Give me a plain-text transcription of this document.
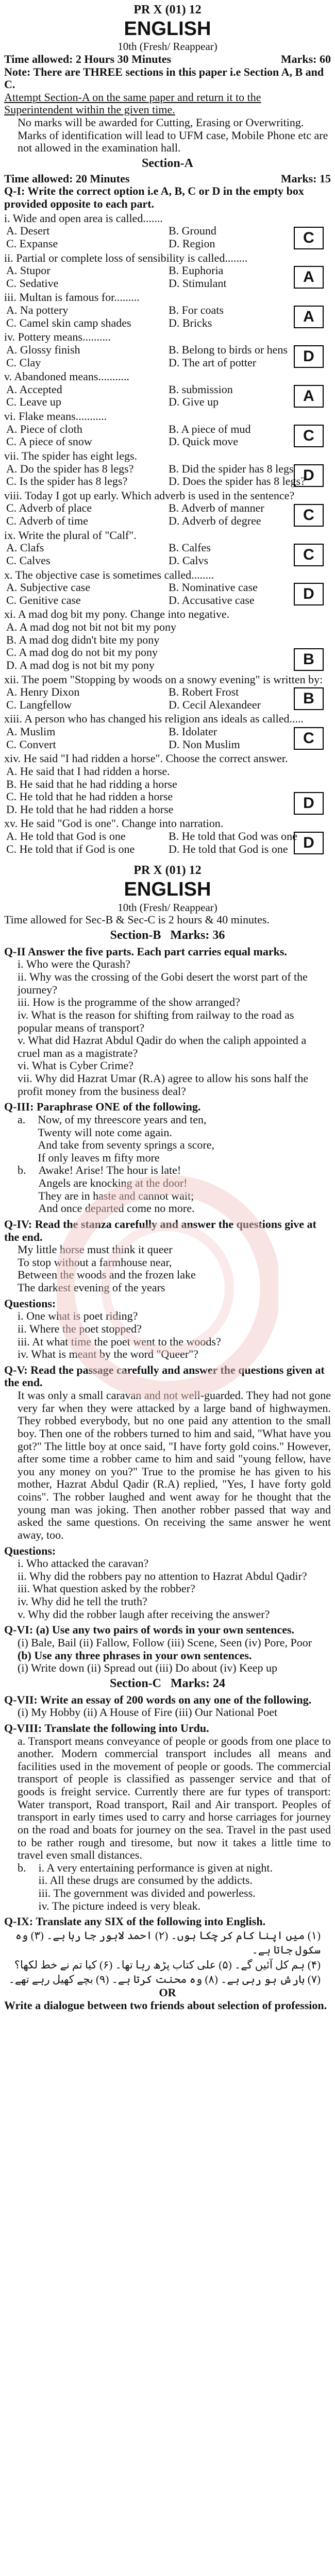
PR X (01) 12
ENGLISH
10th (Fresh/ Reappear)
Time allowed: 2 Hours 30 Minutes	Marks: 60
Note: There are THREE sections in this paper i.e Section A, B and C.
Attempt Section-A on the same paper and return it to the Superintendent within the given time.
No marks will be awarded for Cutting, Erasing or Overwriting. Marks of identification will lead to UFM case, Mobile Phone etc are not allowed in the examination hall.
Section-A
Time allowed: 20 Minutes	Marks: 15
Q-I: Write the correct option i.e A, B, C or D in the empty box provided opposite to each part.
i. Wide and open area is called.......
A. Desert	B. Ground
C. Expanse	D. Region	C
ii. Partial or complete loss of sensibility is called........
A. Stupor	B. Euphoria
C. Sedative	D. Stimulant	A
iii. Multan is famous for.........
A. Na pottery	B. For coats
C. Camel skin camp shades	D. Bricks	A
iv. Pottery means..........
A. Glossy finish	B. Belong to birds or hens
C. Clay	D. The art of potter	D
v. Abandoned means...........
A. Accepted	B. submission
C. Leave up	D. Give up	A
vi. Flake means...........
A. Piece of cloth	B. A piece of mud
C. A piece of snow	D. Quick move	C
vii. The spider has eight legs.
A. Do the spider has 8 legs?	B. Did the spider has 8 legs
C. Is the spider has 8 legs?	D. Does the spider has 8 legs?
D
viii. Today I got up early. Which adverb is used in the sentence?
C. Adverb of place	B. Adverb of manner
C. Adverb of time	D. Adverb of degree	C
ix. Write the plural of "Calf".
A. Clafs	B. Calfes
C. Calves	D. Calvs	C
x. The objective case is sometimes called........
A. Subjective case	B. Nominative case
C. Genitive case	D. Accusative case	D
xi. A mad dog bit my pony. Change into negative.
A. A mad dog not bit not bit my pony
B. A mad dog didn't bite my pony
C. A mad dog do not bit my pony
D. A mad dog is not bit my pony	B
xii. The poem "Stopping by woods on a snowy evening" is written by:
A. Henry Dixon	B. Robert Frost
C. Langfellow	D. Cecil Alexandeer	B
xiii. A person who has changed his religion ans ideals as called.....
A. Muslim	B. Idolater
C. Convert	D. Non Muslim	C
xiv. He said "I had ridden a horse". Choose the correct answer.
A. He said that I had ridden a horse.
B. He said that he had ridding a horse
C. He told that he had ridden a horse
D. He told that he had ridden a horse	D
xv. He said "God is one". Change into narration.
A. He told that God is one	B. He told that God was one
C. He told that if God is one	D. He told that God is one D
PR X (01) 12
ENGLISH
10th (Fresh/ Reappear)
Time allowed for Sec-B & Sec-C is 2 hours & 40 minutes.
Section-B Marks: 36
Q-II Answer the five parts. Each part carries equal marks.
i. Who were the Qurash?
ii. Why was the crossing of the Gobi desert the worst part of the journey?
iii. How is the programme of the show arranged?
iv. What is the reason for shifting from railway to the road as popular means of transport?
v. What did Hazrat Abdul Qadir do when the caliph appointed a cruel man as a magistrate?
vi. What is Cyber Crime?
vii. Why did Hazrat Umar (R.A) agree to allow his sons half the profit money from the business deal?
Q-III: Paraphrase ONE of the following.
a. Now, of my threescore years and ten,
Twenty will note come again.
And take from seventy springs a score,
If only leaves m fifty more
b. Awake! Arise! The hour is late!
Angels are knocking at the door!
They are in haste and cannot wait;
And once departed come no more.
Q-IV: Read the stanza carefully and answer the questions give at the end.
My little horse must think it queer
To stop without a farmhouse near,
Between the woods and the frozen lake
The darkest evening of the years
Questions:
i. One what is poet riding?
ii. Where the poet stopped?
iii. At what time the poet went to the woods?
iv. What is meant by the word "Queer"?
Q-V: Read the passage carefully and answer the questions given at the end.
It was only a small caravan and not well-guarded. They had not gone very far when they were attacked by a large band of highwaymen. They robbed everybody, but no one paid any attention to the small boy. Then one of the robbers turned to him and said, "What have you got?" The little boy at once said, "I have forty gold coins." However, after some time a robber came to him and said "young fellow, have you any money on you?" True to the promise he has given to his mother, Hazrat Abdul Qadir (R.A) replied, "Yes, I have forty gold coins". The robber laughed and went away for he thought that the young man was joking. Then another robber passed that way and asked the same questions. On receiving the same answer he went away, too.
Questions:
i. Who attacked the caravan?
ii. Why did the robbers pay no attention to Hazrat Abdul Qadir?
iii. What question asked by the robber?
iv. Why did he tell the truth?
v. Why did the robber laugh after receiving the answer?
Q-VI: (a) Use any two pairs of words in your own sentences.
(i) Bale, Bail (ii) Fallow, Follow (iii) Scene, Seen (iv) Pore, Poor
(b) Use any three phrases in your own sentences.
(i) Write down (ii) Spread out (iii) Do about (iv) Keep up
Section-C Marks: 24
Q-VII: Write an essay of 200 words on any one of the following.
(i) My Hobby (ii) A House of Fire (iii) Our National Poet
Q-VIII: Translate the following into Urdu.
a. Transport means conveyance of people or goods from one place to another. Modern commercial transport includes all means and facilities used in the movement of people or goods. The commercial transport of people is classified as passenger service and that of goods is freight service. Currently there are fur types of transport: Water transport, Road transport, Rail and Air transport. Peoples of transport in early times used to carry and horse carriages for journey on the road and boats for journey on the sea. Travel in the past used to be rather rough and tiresome, but now it takes a little time to travel even small distances.
b. i. A very entertaining performance is given at night.
ii. All these drugs are consumed by the addicts.
iii. The government was divided and powerless.
iv. The picture indeed is very bleak.
Q-IX: Translate any SIX of the following into English.
(۱) میں اپنا کام کر چکا ہوں۔ (۲) احمد لاہور جا رہا ہے۔ (۳) وہ سکول جاتا ہے۔
(۴) ہم کل آئیں گے۔ (۵) علی کتاب پڑھ رہا تھا۔ (۶) کیا تم نے خط لکھا؟
(۷) بارش ہو رہی ہے۔ (۸) وہ محنت کرتا ہے۔ (۹) بچے کھیل رہے تھے۔
OR
Write a dialogue between two friends about selection of profession.
